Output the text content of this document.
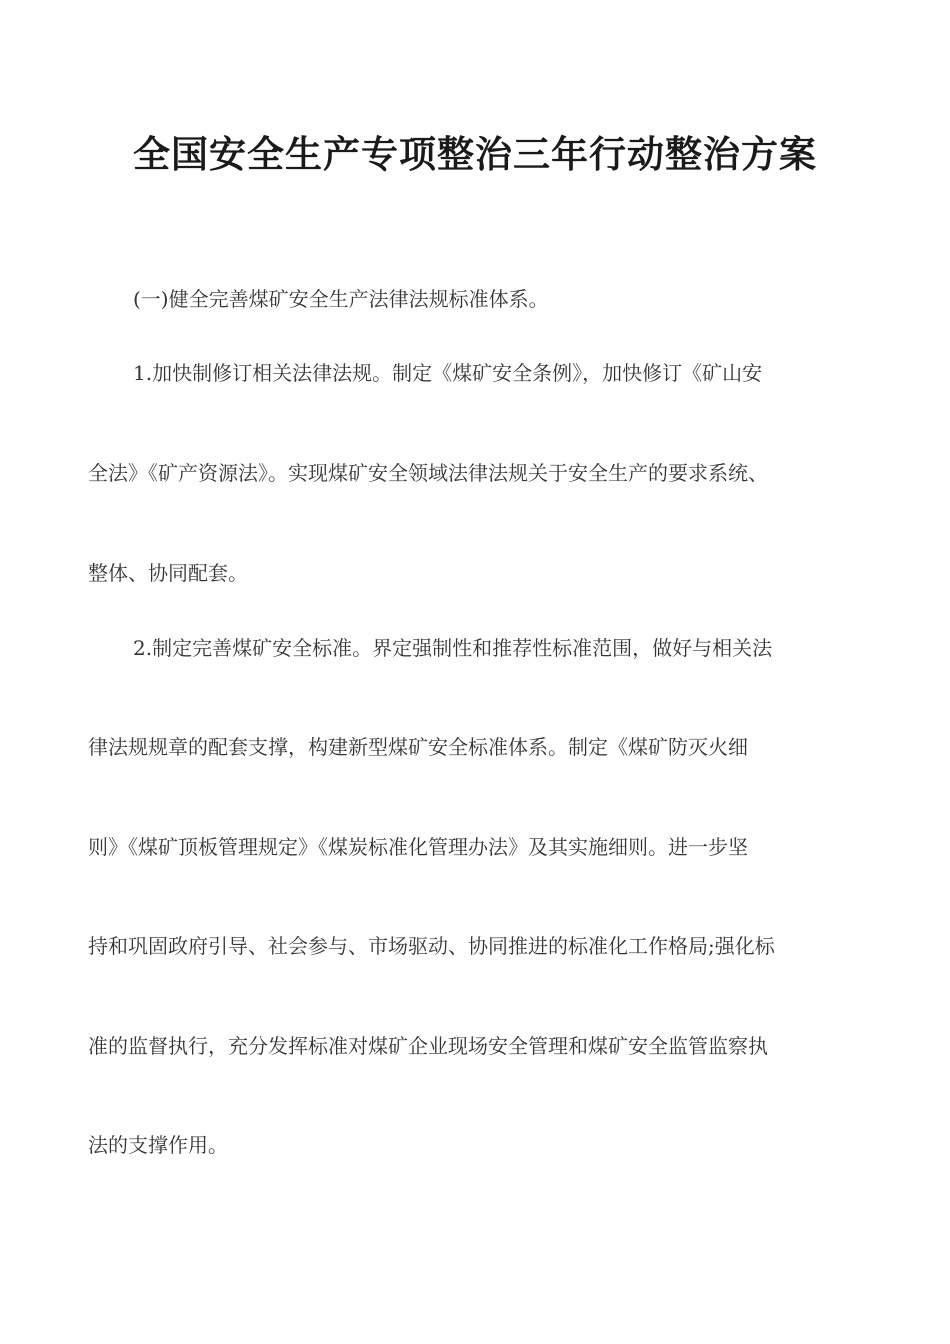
全国安全生产专项整治三年行动整治方案
(一)健全完善煤矿安全生产法律法规标准体系。
1.加快制修订相关法律法规。制定《煤矿安全条例》，加快修订《矿山安
全法》《矿产资源法》。实现煤矿安全领域法律法规关于安全生产的要求系统、
整体、协同配套。
2.制定完善煤矿安全标准。界定强制性和推荐性标准范围，做好与相关法
律法规规章的配套支撑，构建新型煤矿安全标准体系。制定《煤矿防灭火细
则》《煤矿顶板管理规定》《煤炭标准化管理办法》及其实施细则。进一步坚
持和巩固政府引导、社会参与、市场驱动、协同推进的标准化工作格局;强化标
准的监督执行，充分发挥标准对煤矿企业现场安全管理和煤矿安全监管监察执
法的支撑作用。
